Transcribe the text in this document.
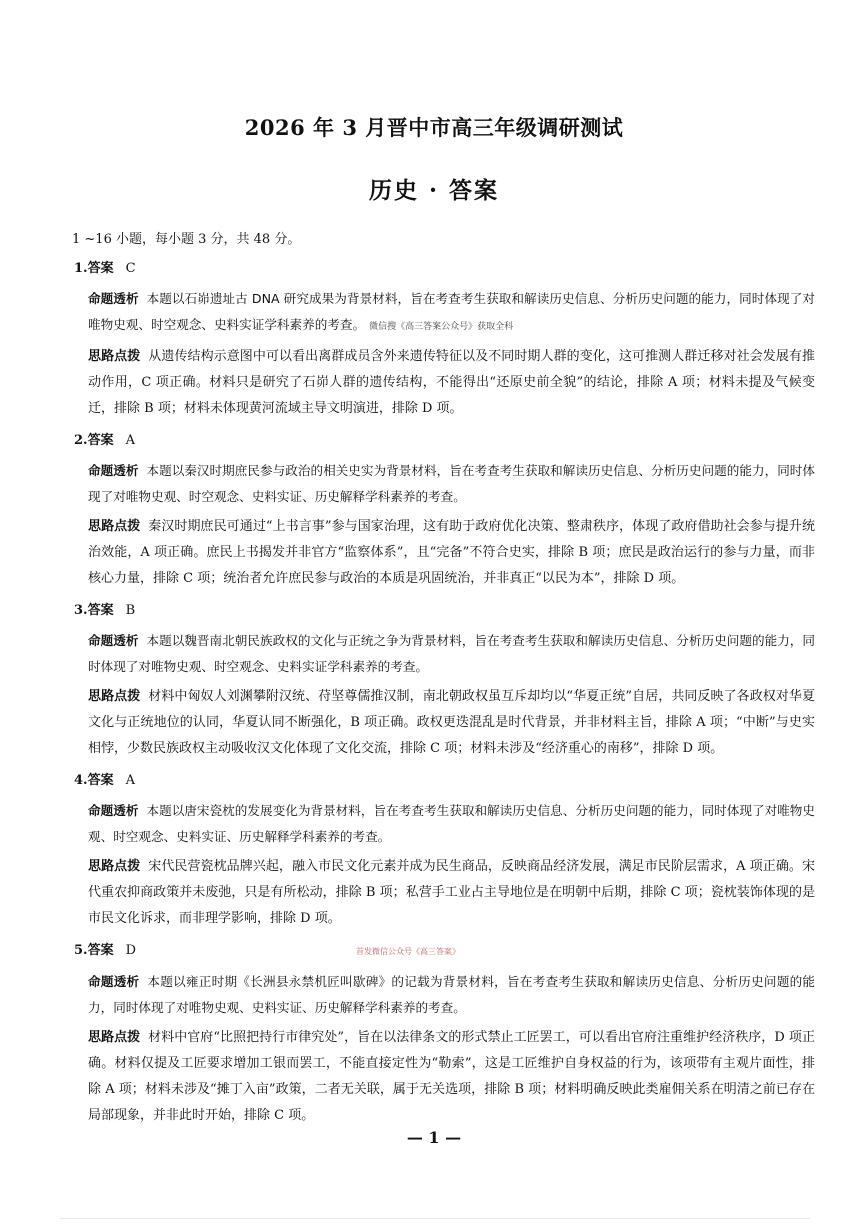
2026 年 3 月晋中市高三年级调研测试
历史 · 答案
1 ~16 小题，每小题 3 分，共 48 分。
1.答案 C
命题透析 本题以石峁遗址古 DNA 研究成果为背景材料，旨在考查考生获取和解读历史信息、分析历史问题的能力，同时体现了对唯物史观、时空观念、史料实证学科素养的考查。 微信搜《高三答案公众号》获取全科
思路点拨 从遗传结构示意图中可以看出离群成员含外来遗传特征以及不同时期人群的变化，这可推测人群迁移对社会发展有推动作用，C 项正确。材料只是研究了石峁人群的遗传结构，不能得出“还原史前全貌”的结论，排除 A 项；材料未提及气候变迁，排除 B 项；材料未体现黄河流域主导文明演进，排除 D 项。
2.答案 A
命题透析 本题以秦汉时期庶民参与政治的相关史实为背景材料，旨在考查考生获取和解读历史信息、分析历史问题的能力，同时体现了对唯物史观、时空观念、史料实证、历史解释学科素养的考查。
思路点拨 秦汉时期庶民可通过“上书言事”参与国家治理，这有助于政府优化决策、整肃秩序，体现了政府借助社会参与提升统治效能，A 项正确。庶民上书揭发并非官方“监察体系”，且“完备”不符合史实，排除 B 项；庶民是政治运行的参与力量，而非核心力量，排除 C 项；统治者允许庶民参与政治的本质是巩固统治，并非真正“以民为本”，排除 D 项。
3.答案 B
命题透析 本题以魏晋南北朝民族政权的文化与正统之争为背景材料，旨在考查考生获取和解读历史信息、分析历史问题的能力，同时体现了对唯物史观、时空观念、史料实证学科素养的考查。
思路点拨 材料中匈奴人刘渊攀附汉统、苻坚尊儒推汉制，南北朝政权虽互斥却均以“华夏正统”自居，共同反映了各政权对华夏文化与正统地位的认同，华夏认同不断强化，B 项正确。政权更迭混乱是时代背景，并非材料主旨，排除 A 项；“中断”与史实相悖，少数民族政权主动吸收汉文化体现了文化交流，排除 C 项；材料未涉及“经济重心的南移”，排除 D 项。
4.答案 A
命题透析 本题以唐宋瓷枕的发展变化为背景材料，旨在考查考生获取和解读历史信息、分析历史问题的能力，同时体现了对唯物史观、时空观念、史料实证、历史解释学科素养的考查。
思路点拨 宋代民营瓷枕品牌兴起，融入市民文化元素并成为民生商品，反映商品经济发展，满足市民阶层需求，A 项正确。宋代重农抑商政策并未废弛，只是有所松动，排除 B 项；私营手工业占主导地位是在明朝中后期，排除 C 项；瓷枕装饰体现的是市民文化诉求，而非理学影响，排除 D 项。
5.答案 D	首发微信公众号《高三答案》
命题透析 本题以雍正时期《长洲县永禁机匠叫歇碑》的记载为背景材料，旨在考查考生获取和解读历史信息、分析历史问题的能力，同时体现了对唯物史观、史料实证、历史解释学科素养的考查。
思路点拨 材料中官府“比照把持行市律究处”，旨在以法律条文的形式禁止工匠罢工，可以看出官府注重维护经济秩序，D 项正确。材料仅提及工匠要求增加工银而罢工，不能直接定性为“勒索”，这是工匠维护自身权益的行为，该项带有主观片面性，排除 A 项；材料未涉及“摊丁入亩”政策，二者无关联，属于无关选项，排除 B 项；材料明确反映此类雇佣关系在明清之前已存在局部现象，并非此时开始，排除 C 项。
— 1 —
